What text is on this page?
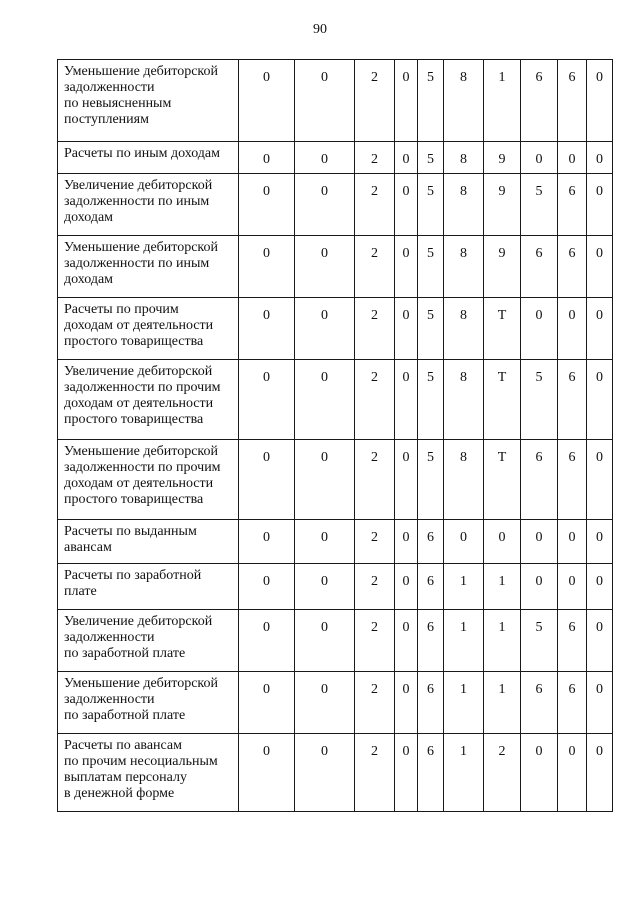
90
Уменьшение дебиторской
задолженности
по невыясненным
поступлениям	0	0	2	0	5	8	1	6	6	0
Расчеты по иным доходам	0	0	2	0	5	8	9	0	0	0
Увеличение дебиторской
задолженности по иным
доходам	0	0	2	0	5	8	9	5	6	0
Уменьшение дебиторской
задолженности по иным
доходам	0	0	2	0	5	8	9	6	6	0
Расчеты по прочим
доходам от деятельности
простого товарищества	0	0	2	0	5	8	Т	0	0	0
Увеличение дебиторской
задолженности по прочим
доходам от деятельности
простого товарищества	0	0	2	0	5	8	Т	5	6	0
Уменьшение дебиторской
задолженности по прочим
доходам от деятельности
простого товарищества	0	0	2	0	5	8	Т	6	6	0
Расчеты по выданным
авансам	0	0	2	0	6	0	0	0	0	0
Расчеты по заработной
плате	0	0	2	0	6	1	1	0	0	0
Увеличение дебиторской
задолженности
по заработной плате	0	0	2	0	6	1	1	5	6	0
Уменьшение дебиторской
задолженности
по заработной плате	0	0	2	0	6	1	1	6	6	0
Расчеты по авансам
по прочим несоциальным
выплатам персоналу
в денежной форме	0	0	2	0	6	1	2	0	0	0
